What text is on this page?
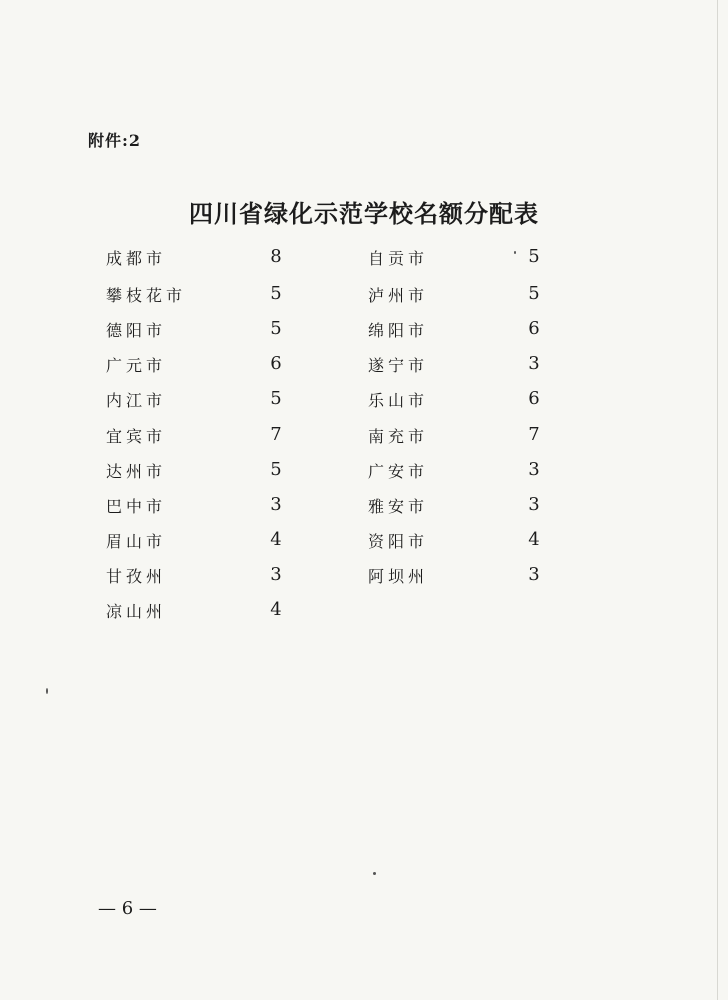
附件:2

四川省绿化示范学校名额分配表
成都市	8	自贡市	5
攀枝花市	5	泸州市	5
德阳市	5	绵阳市	6
广元市	6	遂宁市	3
内江市	5	乐山市	6
宜宾市	7	南充市	7
达州市	5	广安市	3
巴中市	3	雅安市	3
眉山市	4	资阳市	4
甘孜州	3	阿坝州	3
凉山州	4

— 6 —
